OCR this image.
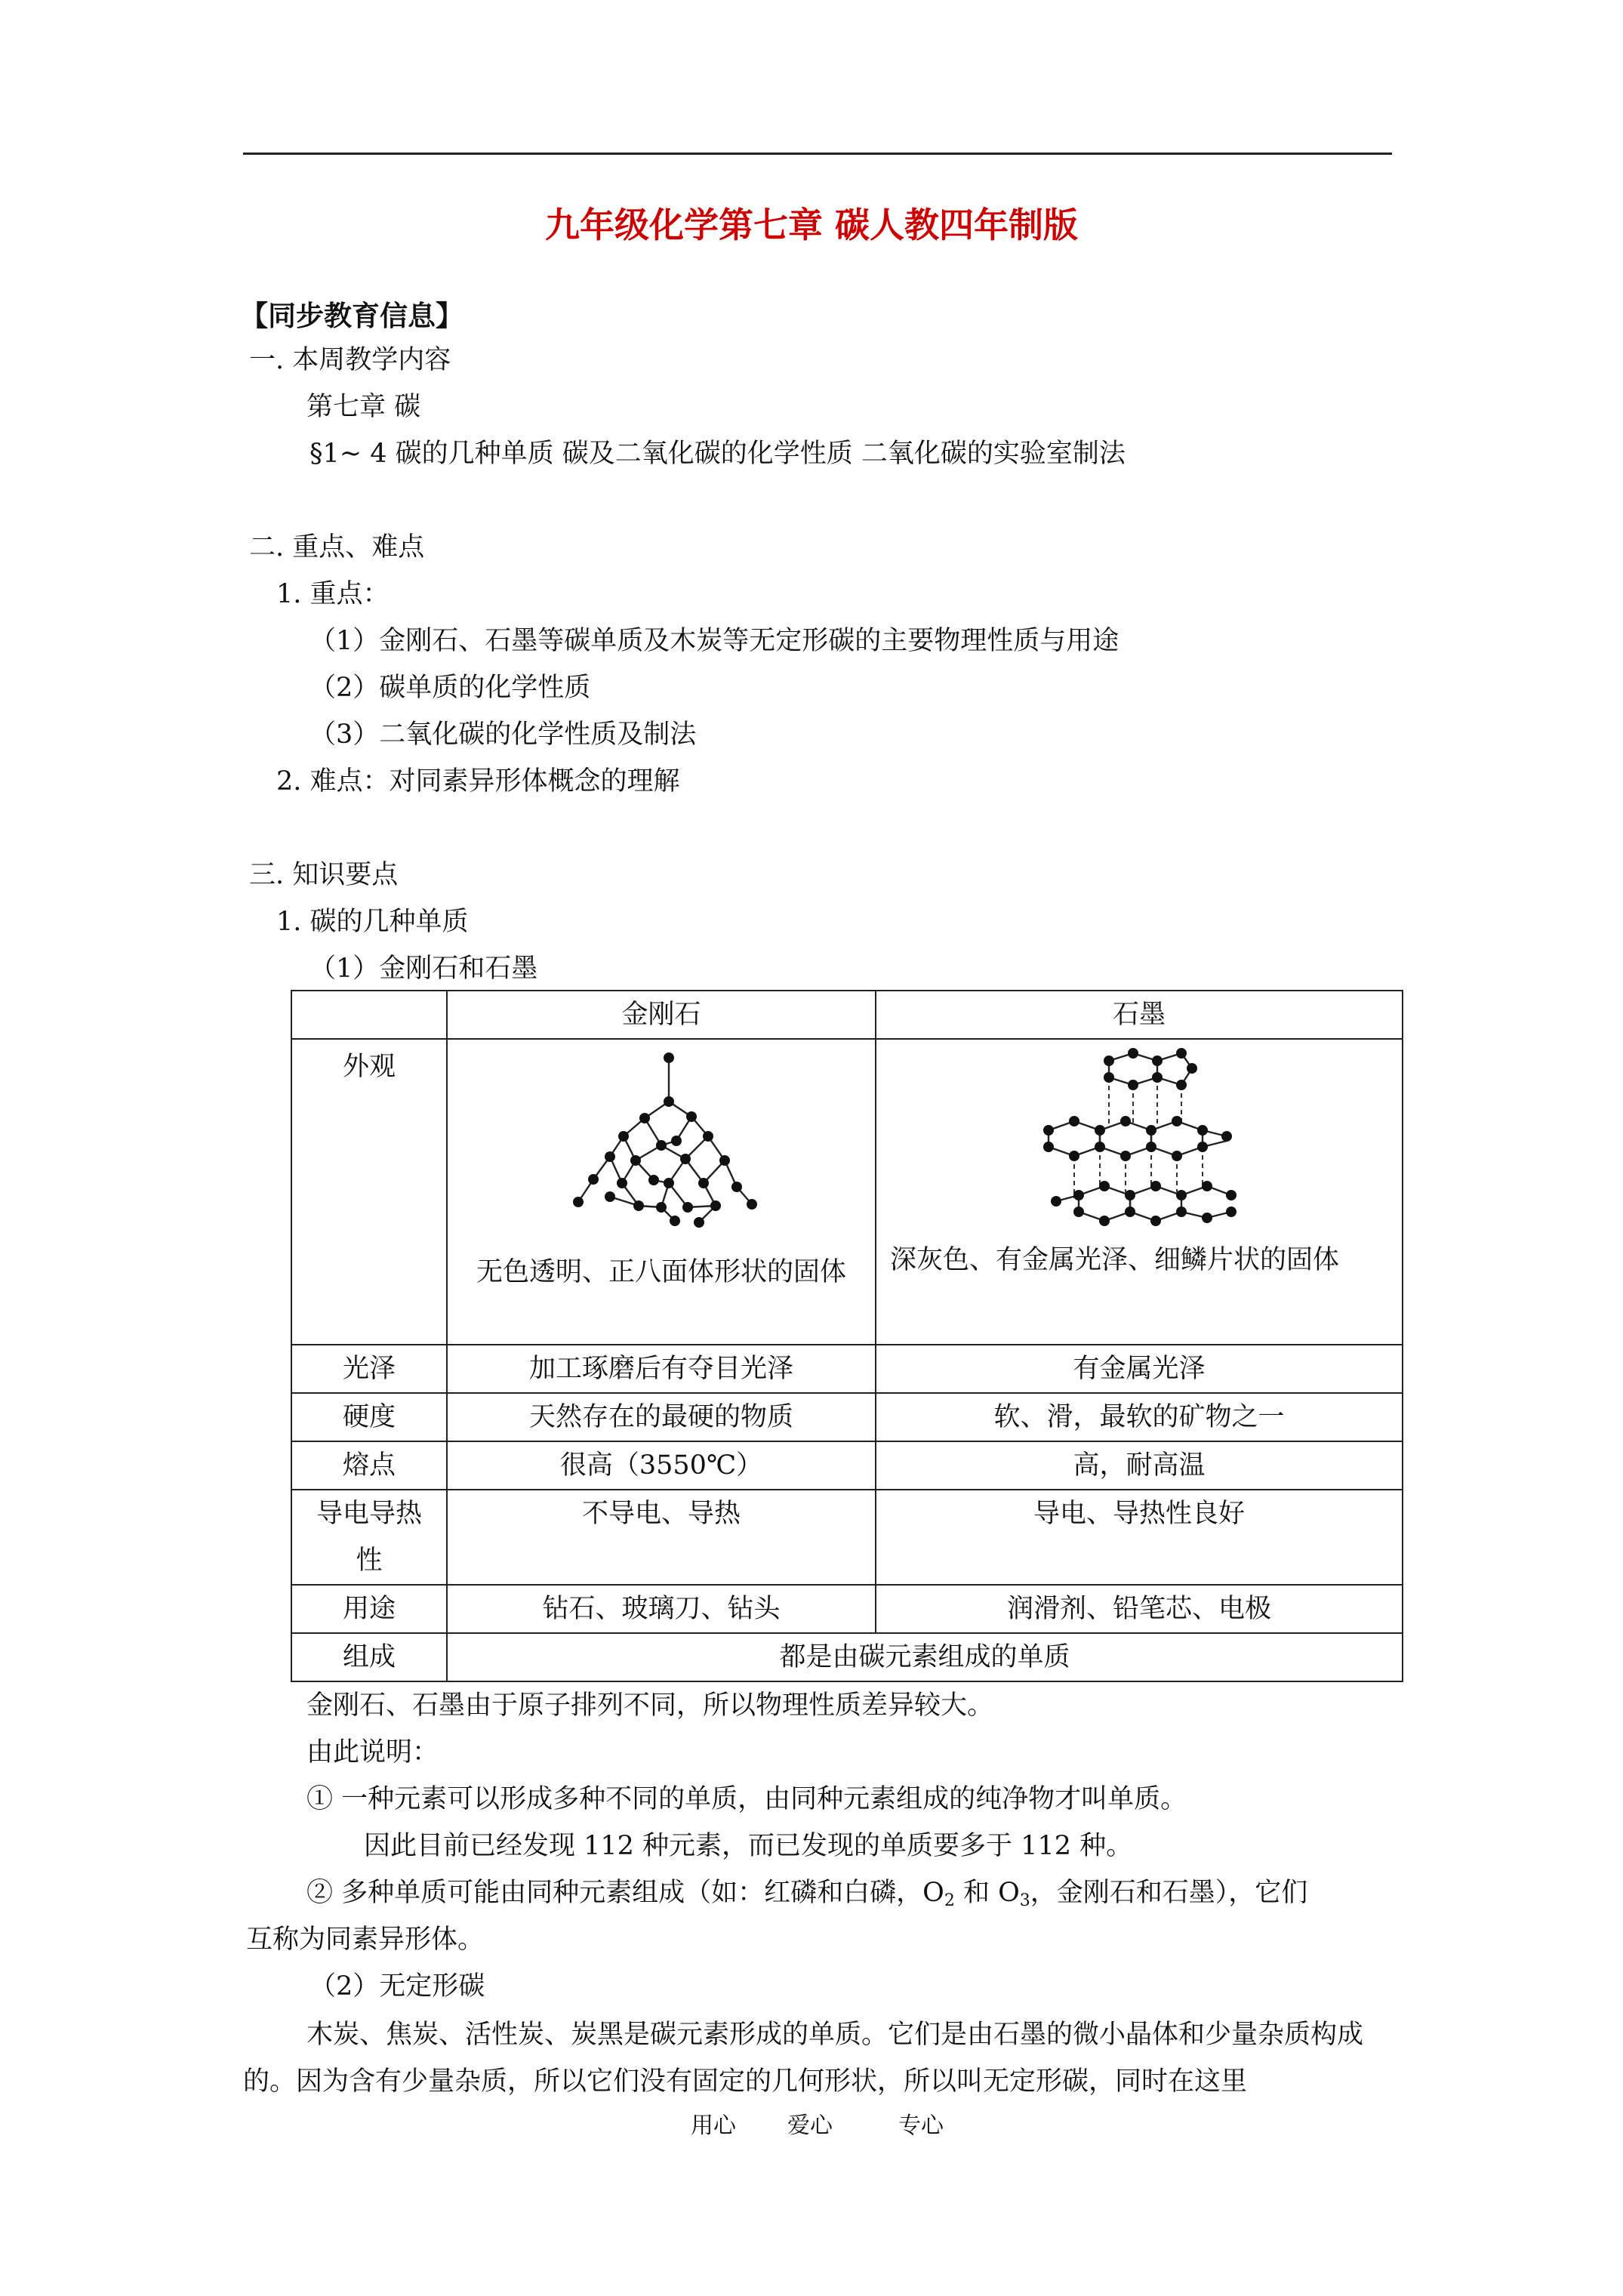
九年级化学第七章 碳人教四年制版
【同步教育信息】
一. 本周教学内容
第七章 碳
§1~ 4 碳的几种单质 碳及二氧化碳的化学性质 二氧化碳的实验室制法
二. 重点、难点
1. 重点：
（1）金刚石、石墨等碳单质及木炭等无定形碳的主要物理性质与用途
（2）碳单质的化学性质
（3）二氧化碳的化学性质及制法
2. 难点：对同素异形体概念的理解
三. 知识要点
1. 碳的几种单质
（1）金刚石和石墨
	金刚石	石墨
外观	无色透明、正八面体形状的固体	深灰色、有金属光泽、细鳞片状的固体

光泽	加工琢磨后有夺目光泽	有金属光泽
硬度	天然存在的最硬的物质	软、滑，最软的矿物之一
熔点	很高（3550℃）	高，耐高温
导电导热性	不导电、导热	导电、导热性良好
用途	钻石、玻璃刀、钻头	润滑剂、铅笔芯、电极
组成	都是由碳元素组成的单质	
金刚石、石墨由于原子排列不同，所以物理性质差异较大。
由此说明：
① 一种元素可以形成多种不同的单质，由同种元素组成的纯净物才叫单质。
因此目前已经发现 112 种元素，而已发现的单质要多于 112 种。
② 多种单质可能由同种元素组成（如：红磷和白磷，$O_2$ 和 $O_3$，金刚石和石墨），它们
互称为同素异形体。
（2）无定形碳
木炭、焦炭、活性炭、炭黑是碳元素形成的单质。它们是由石墨的微小晶体和少量杂质构成的。因为含有少量杂质，所以它们没有固定的几何形状，所以叫无定形碳，同时在这里
用心 爱心	专心
